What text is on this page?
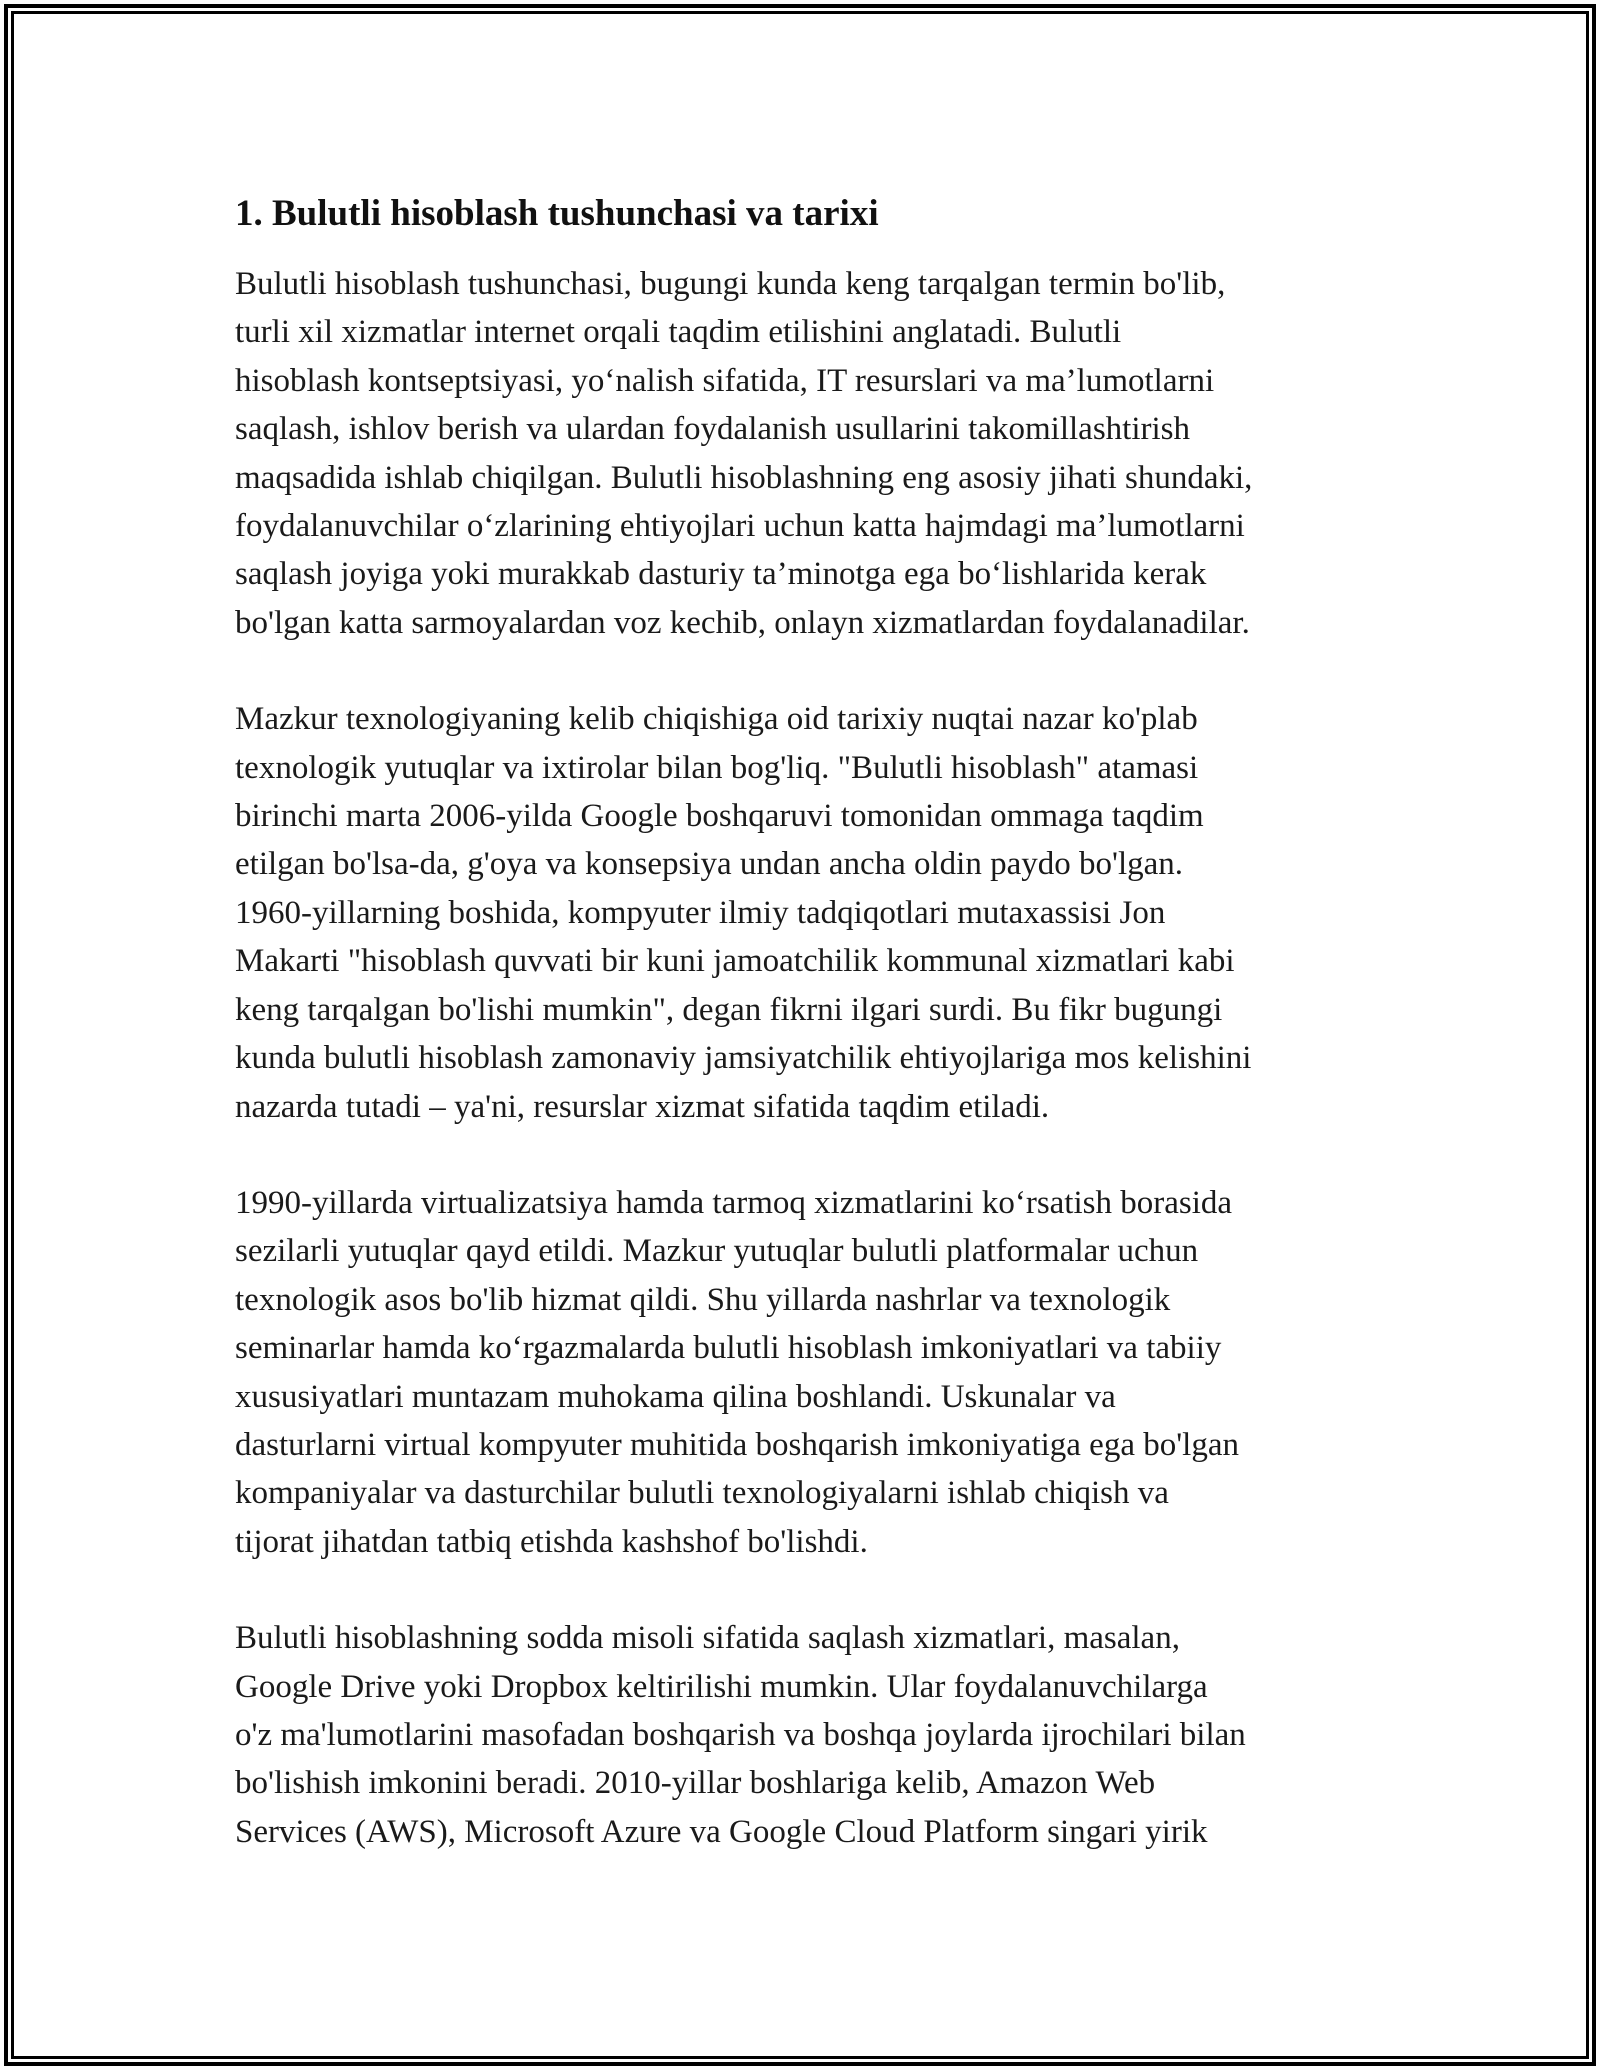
1. Bulutli hisoblash tushunchasi va tarixi

Bulutli hisoblash tushunchasi, bugungi kunda keng tarqalgan termin bo'lib,
turli xil xizmatlar internet orqali taqdim etilishini anglatadi. Bulutli
hisoblash kontseptsiyasi, yo‘nalish sifatida, IT resurslari va ma’lumotlarni
saqlash, ishlov berish va ulardan foydalanish usullarini takomillashtirish
maqsadida ishlab chiqilgan. Bulutli hisoblashning eng asosiy jihati shundaki,
foydalanuvchilar o‘zlarining ehtiyojlari uchun katta hajmdagi ma’lumotlarni
saqlash joyiga yoki murakkab dasturiy ta’minotga ega bo‘lishlarida kerak
bo'lgan katta sarmoyalardan voz kechib, onlayn xizmatlardan foydalanadilar.

Mazkur texnologiyaning kelib chiqishiga oid tarixiy nuqtai nazar ko'plab
texnologik yutuqlar va ixtirolar bilan bog'liq. "Bulutli hisoblash" atamasi
birinchi marta 2006-yilda Google boshqaruvi tomonidan ommaga taqdim
etilgan bo'lsa-da, g'oya va konsepsiya undan ancha oldin paydo bo'lgan.
1960-yillarning boshida, kompyuter ilmiy tadqiqotlari mutaxassisi Jon
Makarti "hisoblash quvvati bir kuni jamoatchilik kommunal xizmatlari kabi
keng tarqalgan bo'lishi mumkin", degan fikrni ilgari surdi. Bu fikr bugungi
kunda bulutli hisoblash zamonaviy jamsiyatchilik ehtiyojlariga mos kelishini
nazarda tutadi – ya'ni, resurslar xizmat sifatida taqdim etiladi.

1990-yillarda virtualizatsiya hamda tarmoq xizmatlarini ko‘rsatish borasida
sezilarli yutuqlar qayd etildi. Mazkur yutuqlar bulutli platformalar uchun
texnologik asos bo'lib hizmat qildi. Shu yillarda nashrlar va texnologik
seminarlar hamda ko‘rgazmalarda bulutli hisoblash imkoniyatlari va tabiiy
xususiyatlari muntazam muhokama qilina boshlandi. Uskunalar va
dasturlarni virtual kompyuter muhitida boshqarish imkoniyatiga ega bo'lgan
kompaniyalar va dasturchilar bulutli texnologiyalarni ishlab chiqish va
tijorat jihatdan tatbiq etishda kashshof bo'lishdi.

Bulutli hisoblashning sodda misoli sifatida saqlash xizmatlari, masalan,
Google Drive yoki Dropbox keltirilishi mumkin. Ular foydalanuvchilarga
o'z ma'lumotlarini masofadan boshqarish va boshqa joylarda ijrochilari bilan
bo'lishish imkonini beradi. 2010-yillar boshlariga kelib, Amazon Web
Services (AWS), Microsoft Azure va Google Cloud Platform singari yirik
